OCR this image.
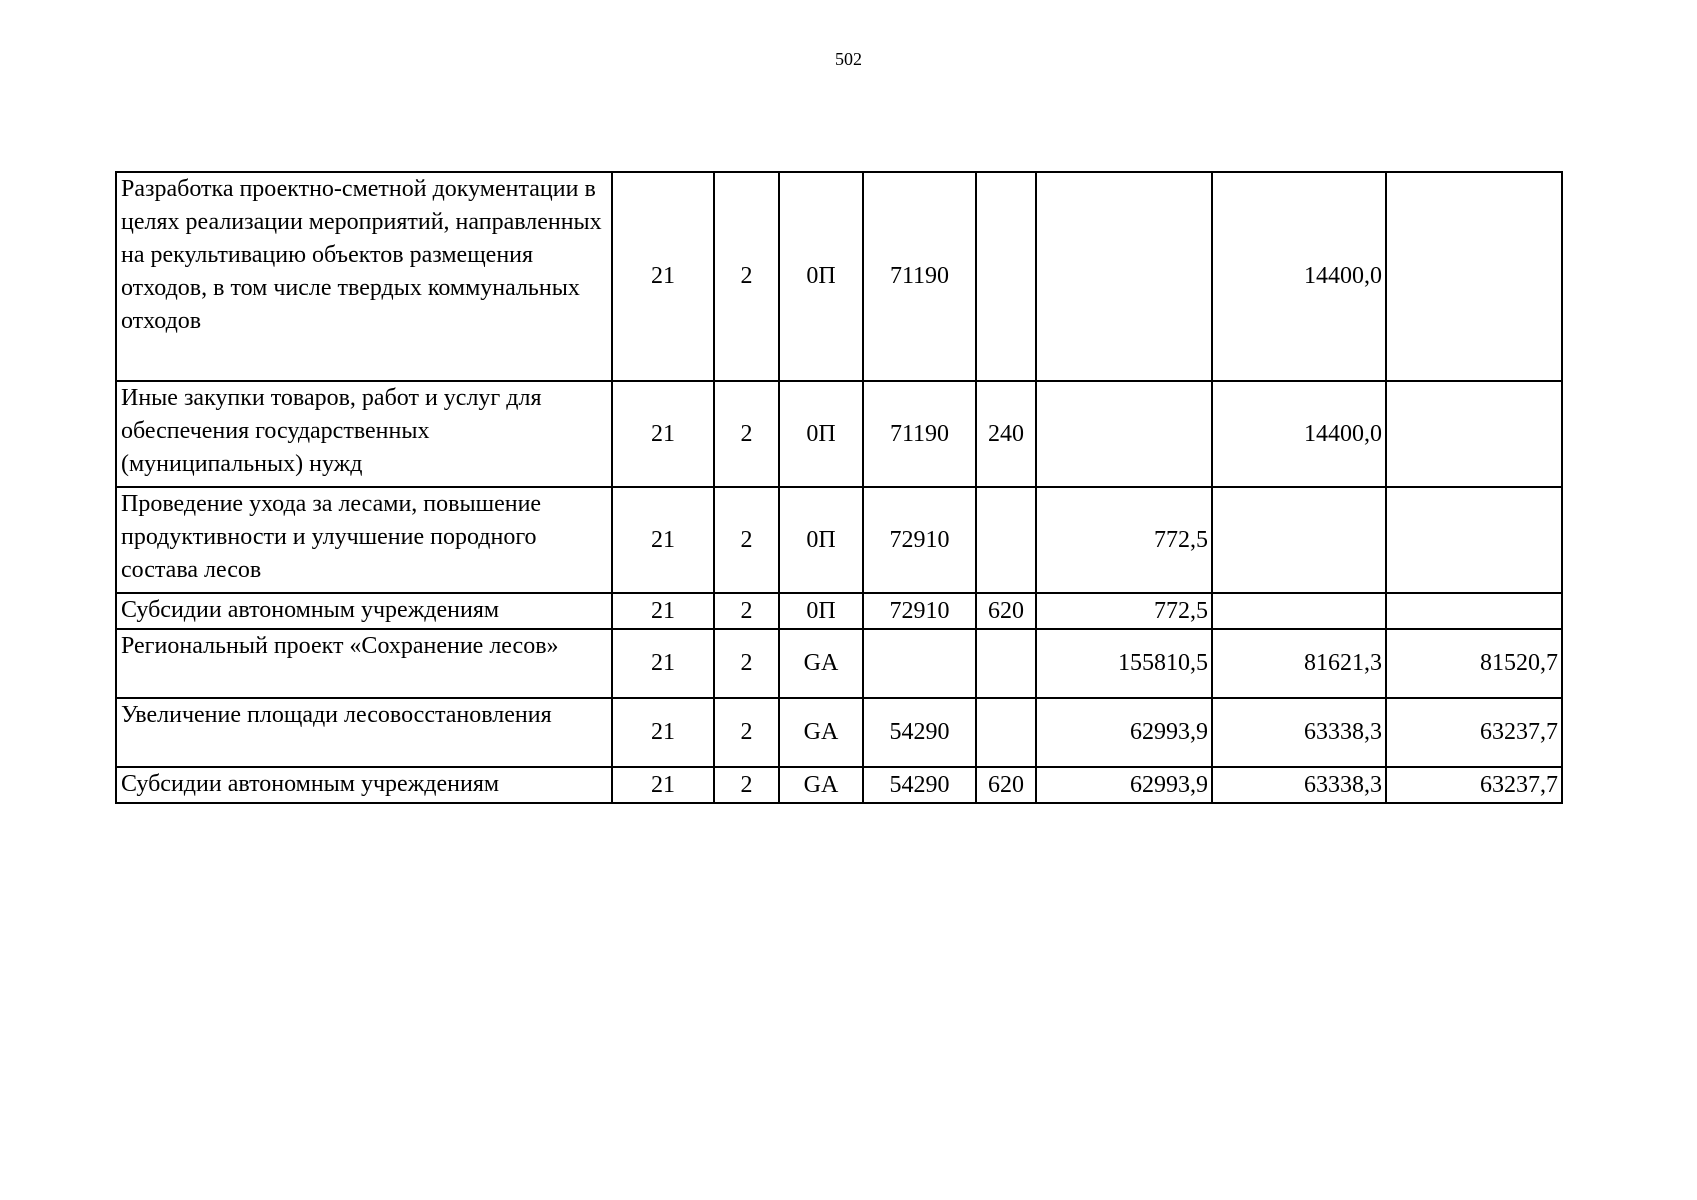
502
Разработка проектно-сметной документации в целях реализации мероприятий, направленных на рекультивацию объектов размещения отходов, в том числе твердых коммунальных отходов	21	2	0П	71190			14400,0	
Иные закупки товаров, работ и услуг для обеспечения государственных (муниципальных) нужд	21	2	0П	71190	240		14400,0	
Проведение ухода за лесами, повышение продуктивности и улучшение породного состава лесов	21	2	0П	72910		772,5		
Субсидии автономным учреждениям	21	2	0П	72910	620	772,5		
Региональный проект «Сохранение лесов»	21	2	GA			155810,5	81621,3	81520,7
Увеличение площади лесовосстановления	21	2	GA	54290		62993,9	63338,3	63237,7
Субсидии автономным учреждениям	21	2	GA	54290	620	62993,9	63338,3	63237,7
